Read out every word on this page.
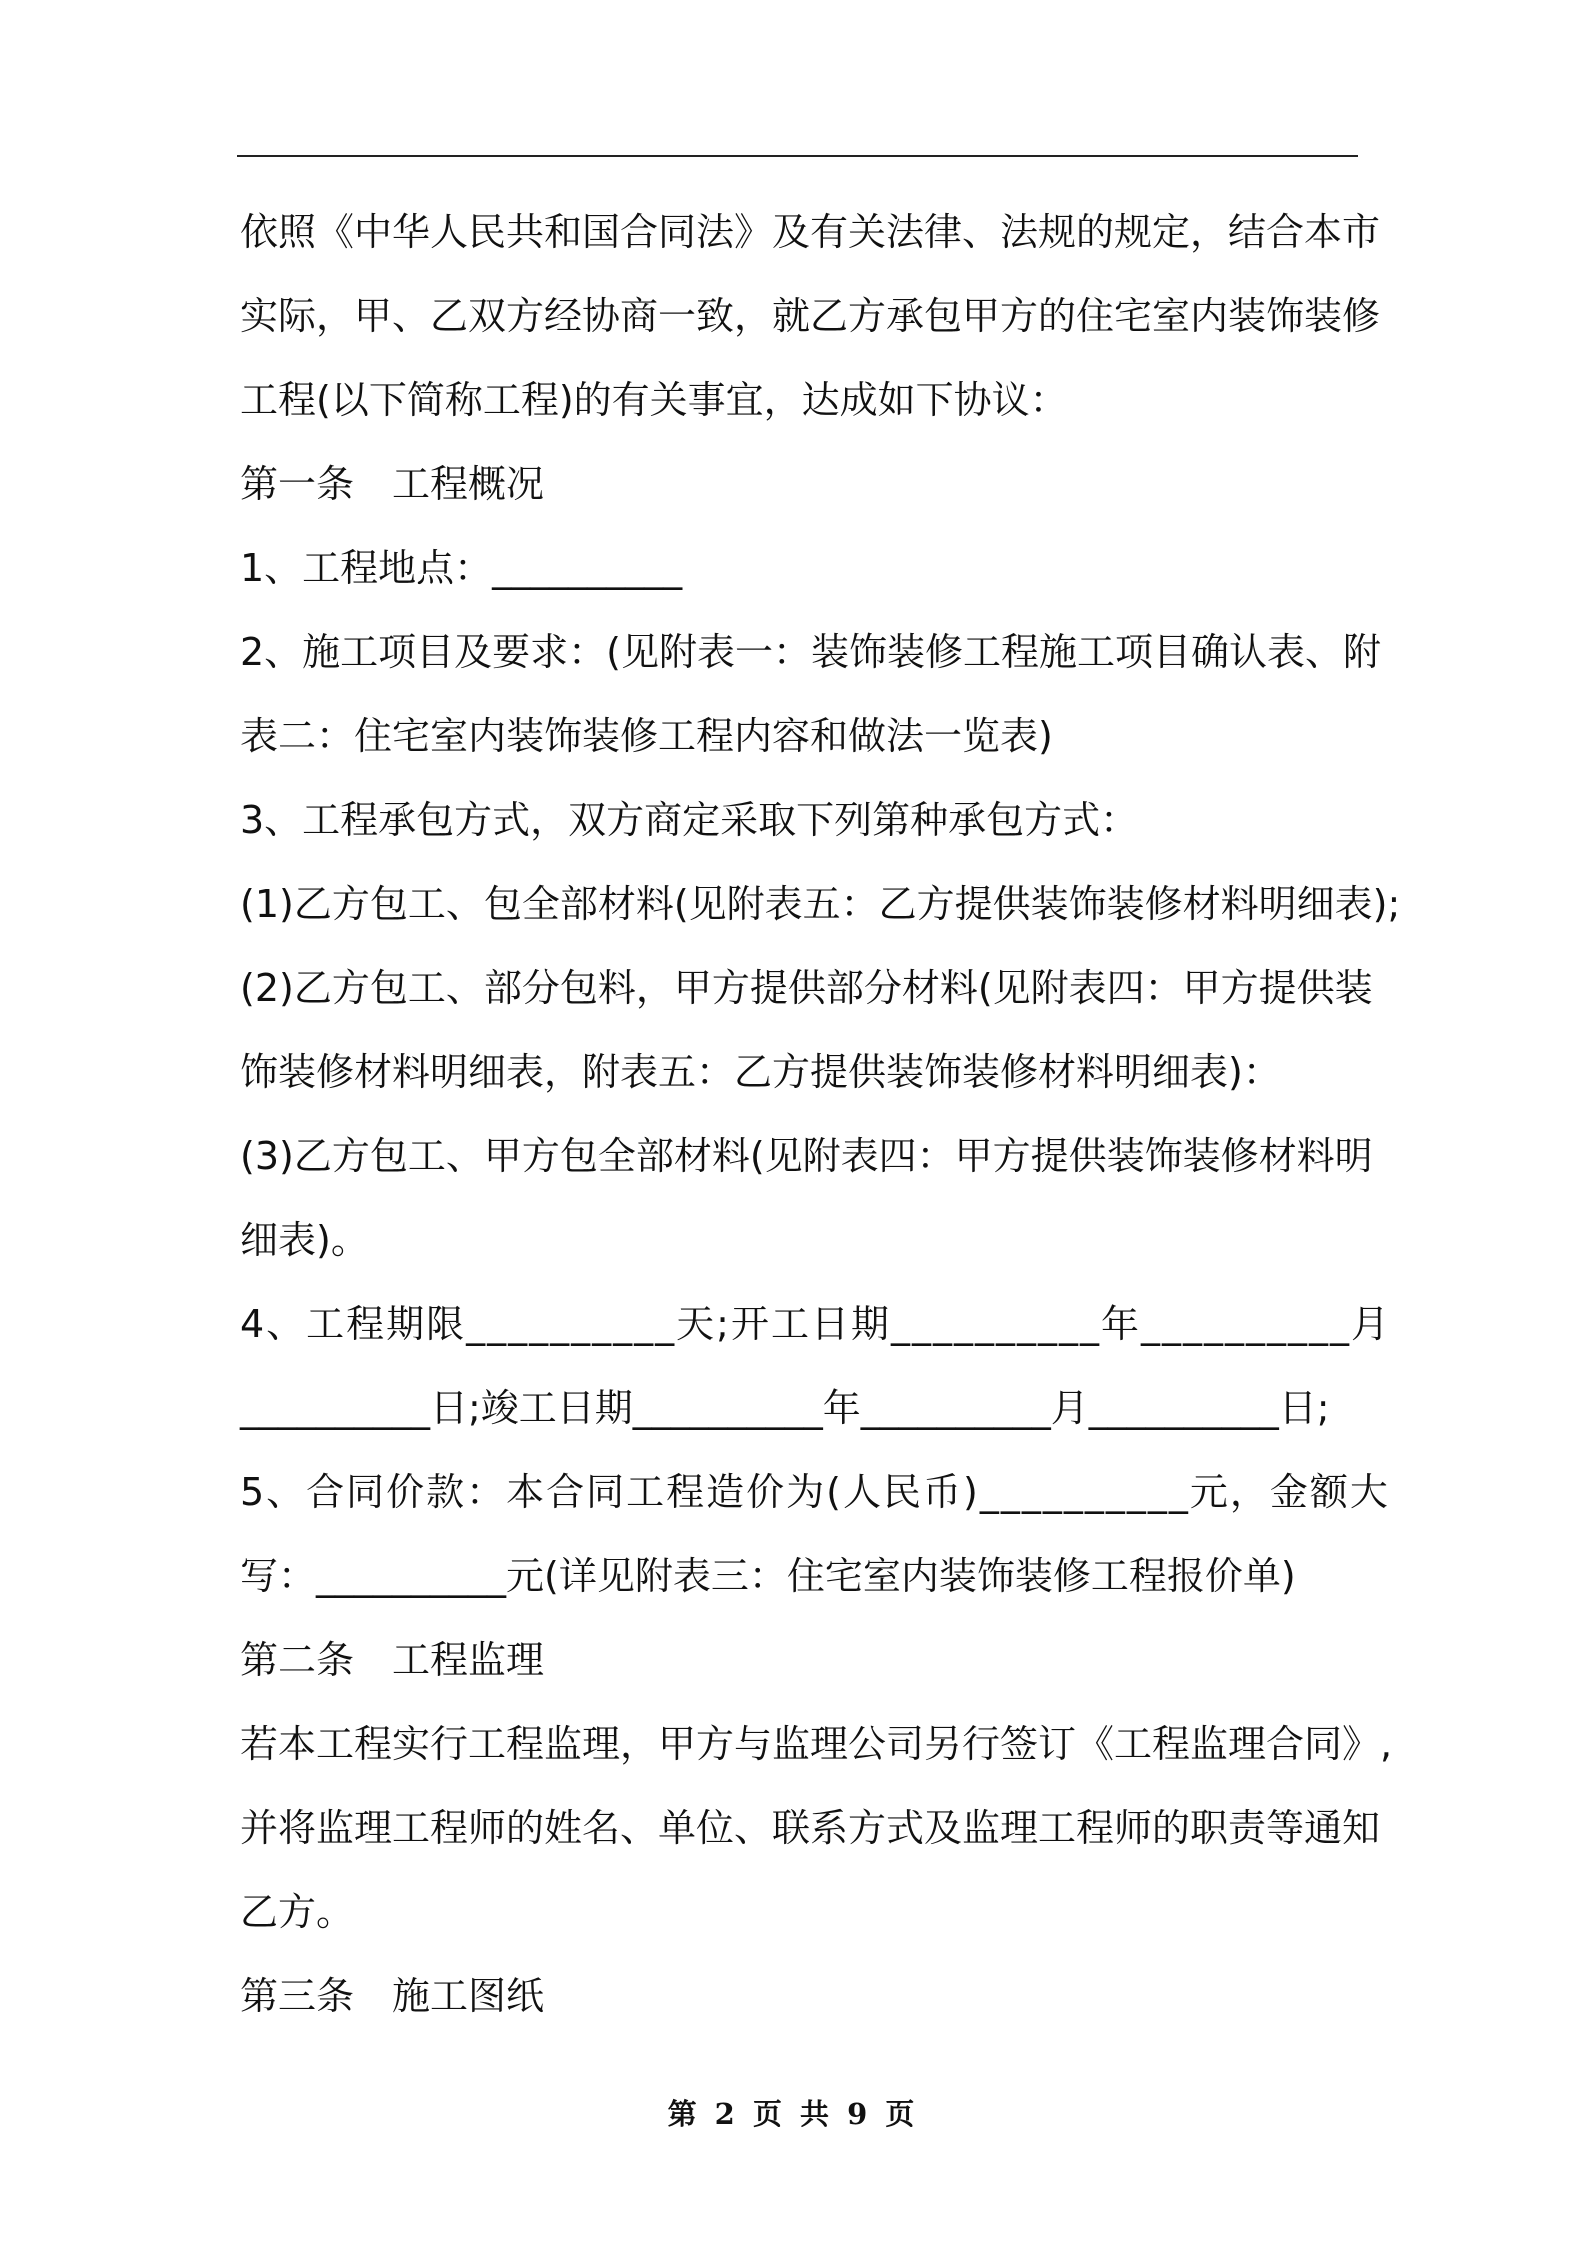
依照《中华人民共和国合同法》及有关法律、法规的规定，结合本市
实际，甲、乙双方经协商一致，就乙方承包甲方的住宅室内装饰装修
工程(以下简称工程)的有关事宜，达成如下协议：
第一条　工程概况
1、工程地点：__________
2、施工项目及要求：(见附表一：装饰装修工程施工项目确认表、附
表二：住宅室内装饰装修工程内容和做法一览表)
3、工程承包方式，双方商定采取下列第种承包方式：
(1)乙方包工、包全部材料(见附表五：乙方提供装饰装修材料明细表);
(2)乙方包工、部分包料，甲方提供部分材料(见附表四：甲方提供装
饰装修材料明细表，附表五：乙方提供装饰装修材料明细表)：
(3)乙方包工、甲方包全部材料(见附表四：甲方提供装饰装修材料明
细表)。
4、工程期限__________天;开工日期__________年__________月
__________日;竣工日期__________年__________月__________日;
5、合同价款：本合同工程造价为(人民币)__________元，金额大
写：__________元(详见附表三：住宅室内装饰装修工程报价单)
第二条　工程监理
若本工程实行工程监理，甲方与监理公司另行签订《工程监理合同》,
并将监理工程师的姓名、单位、联系方式及监理工程师的职责等通知
乙方。
第三条　施工图纸
第 2 页 共 9 页
